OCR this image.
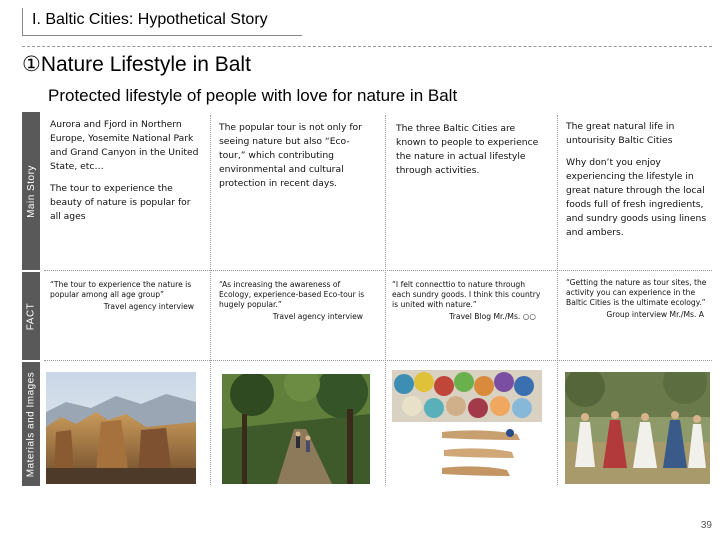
I. Baltic Cities: Hypothetical Story
①Nature Lifestyle in Balt
Protected lifestyle of people with love for nature in Balt
Main Story
FACT
Materials and Images

Aurora and Fjord in Northern Europe, Yosemite National Park and Grand Canyon in the United State, etc…

The tour to experience the beauty of nature is popular for all ages

The popular tour is not only for seeing nature but also “Eco-tour,” which contributing environmental and cultural protection in recent days.

The three Baltic Cities are known to people to experience the nature in actual lifestyle through activities.

The great natural life in untourisity Baltic Cities

Why don’t you enjoy experiencing the lifestyle in great nature through the local foods full of fresh ingredients, and sundry goods using linens and ambers.

“The tour to experience the nature is popular among all age group”
Travel agency interview
“As increasing the awareness of Ecology, experience-based Eco-tour is hugely popular.”
Travel agency interview
“I felt connecttio to nature through each sundry goods. I think this country is united with nature.”
Travel Blog Mr./Ms. ○○
“Getting the nature as tour sites, the activity you can experience in the Baltic Cities is the ultimate ecology.”
Group interview Mr./Ms. A
39
